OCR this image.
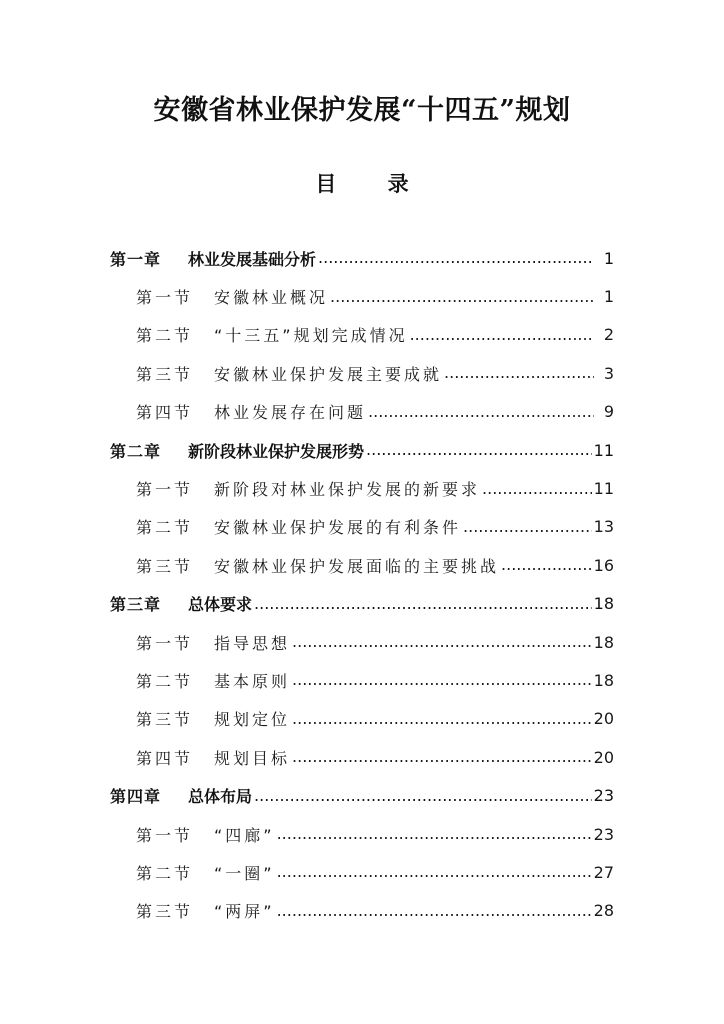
安徽省林业保护发展“十四五”规划
目 录
第一章	林业发展基础分析 .....	1
第一节	安徽林业概况 .....	1
第二节	“十三五”规划完成情况 .....	2
第三节	安徽林业保护发展主要成就 .....	3
第四节	林业发展存在问题 .....	9
第二章	新阶段林业保护发展形势 .....	11
第一节	新阶段对林业保护发展的新要求 .....	11
第二节	安徽林业保护发展的有利条件 .....	13
第三节	安徽林业保护发展面临的主要挑战 .....	16
第三章	总体要求 .....	18
第一节	指导思想 .....	18
第二节	基本原则 .....	18
第三节	规划定位 .....	20
第四节	规划目标 .....	20
第四章	总体布局 .....	23
第一节	“四廊” .....	23
第二节	“一圈” .....	27
第三节	“两屏” .....	28
